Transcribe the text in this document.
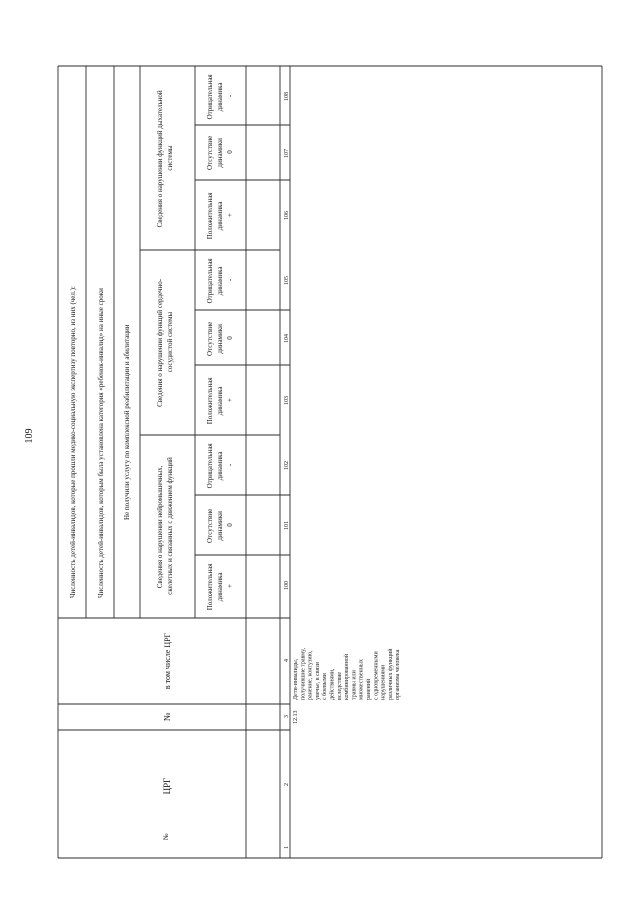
109
№
ЦРГ
№
в том числе ЦРГ
Численность детей-инвалидов, которые прошли медико-социальную экспертизу повторно, из них (чел.):	Численность детей-инвалидов, которым была установлена категория «ребенок-инвалид» на иные сроки	Не получили услугу по комплексной реабилитации и абилитации
Сведения о нарушении нейромышечных, скелетных и связанных с движением функций
Сведения о нарушении функций сердечно- сосудистой системы
Сведения о нарушении функций дыхательной системы
Положительная динамика +
Отсутствие динамики 0
Отрицательная динамика -
Положительная динамика +
Отсутствие динамики 0
Отрицательная динамика -
Положительная динамика +
Отсутствие динамики 0
Отрицательная динамика -
1
2
3
4
100
101
102
103
104
105
106
107
108
12.13
Дети-инвалиды, получившие травму, ранение, контузию, увечье, в связи с боевыми действиями, вследствие комбинированной травмы или множественных ранений с одновременными нарушениями различных функций организма человека
